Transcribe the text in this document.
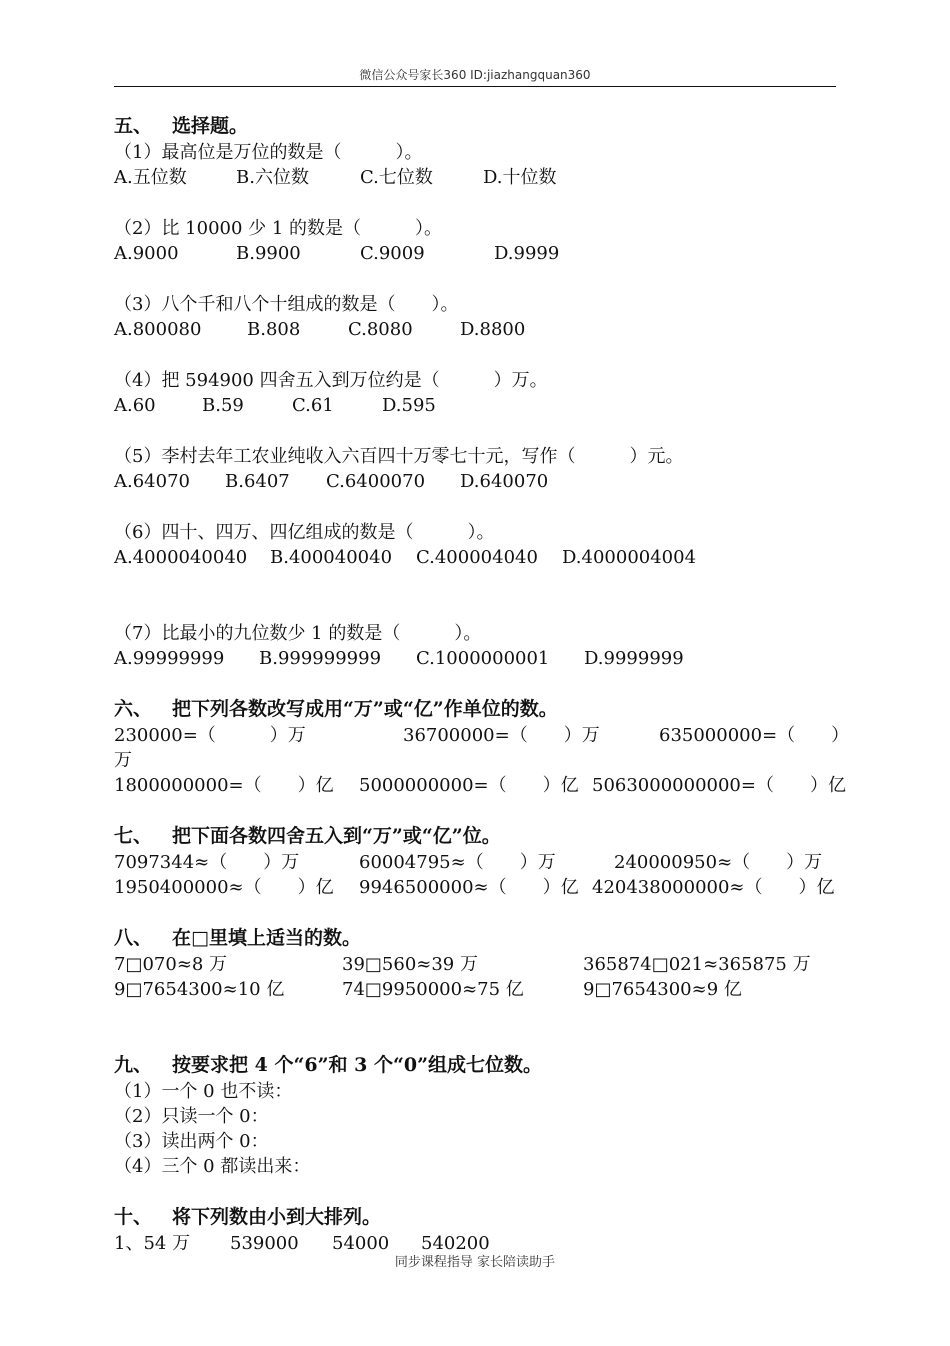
微信公众号家长360 ID:jiazhangquan360
五、 选择题。
（1）最高位是万位的数是（　　　）。
A.五位数	B.六位数	C.七位数	D.十位数
（2）比 10000 少 1 的数是（　　　）。
A.9000	B.9900	C.9009	D.9999
（3）八个千和八个十组成的数是（　　）。
A.800080	B.808	C.8080	D.8800
（4）把 594900 四舍五入到万位约是（　　　）万。
A.60	B.59	C.61	D.595
（5）李村去年工农业纯收入六百四十万零七十元，写作（　　　）元。
A.64070 B.6407 C.6400070 D.640070
（6）四十、四万、四亿组成的数是（　　　）。
A.4000040040 B.400040040 C.400004040 D.4000004004
（7）比最小的九位数少 1 的数是（　　　）。
A.99999999 B.999999999 C.1000000001 D.9999999
六、 把下列各数改写成用“万”或“亿”作单位的数。
230000=（　　　）万	36700000=（　　）万	635000000=（　　）
万
1800000000=（　　）亿 5000000000=（　　）亿 5063000000000=（　　）亿
七、 把下面各数四舍五入到“万”或“亿”位。
7097344≈（　　）万	60004795≈（　　）万	240000950≈（　　）万
1950400000≈（　　）亿 9946500000≈（　　）亿 420438000000≈（　　）亿
八、 在□里填上适当的数。
7□070≈8 万	39□560≈39 万	365874□021≈365875 万
9□7654300≈10 亿	74□9950000≈75 亿	9□7654300≈9 亿
九、 按要求把 4 个“6”和 3 个“0”组成七位数。
（1）一个 0 也不读：
（2）只读一个 0：
（3）读出两个 0：
（4）三个 0 都读出来：
十、 将下列数由小到大排列。
1、54 万 539000 54000 540200
同步课程指导 家长陪读助手
